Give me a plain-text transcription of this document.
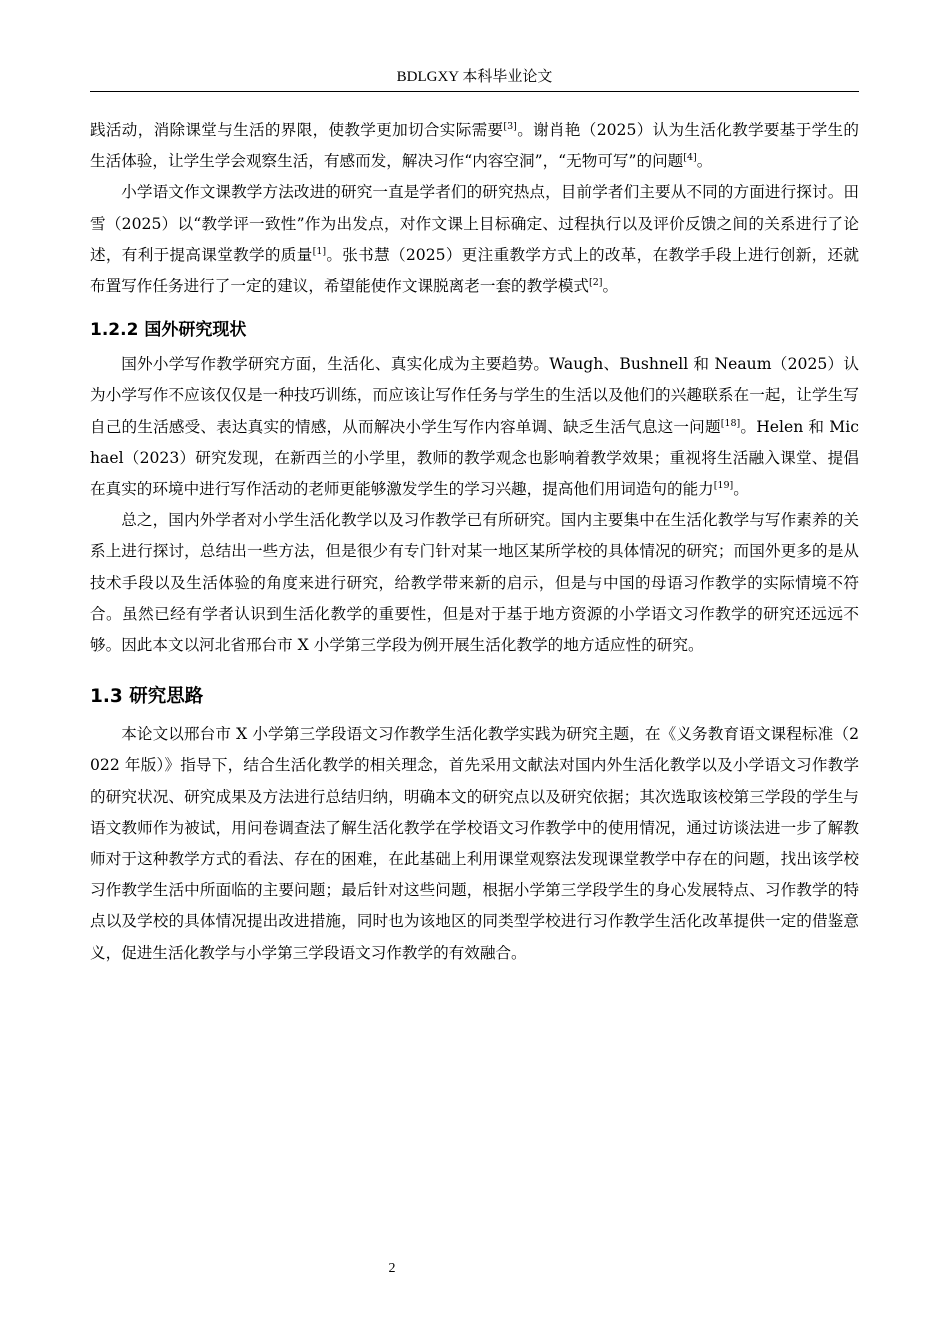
BDLGXY 本科毕业论文

践活动，消除课堂与生活的界限，使教学更加切合实际需要[3]。谢肖艳（2025）认为生活化教学要基于学生的生活体验，让学生学会观察生活，有感而发，解决习作“内容空洞”，“无物可写”的问题[4]。

小学语文作文课教学方法改进的研究一直是学者们的研究热点，目前学者们主要从不同的方面进行探讨。田雪（2025）以“教学评一致性”作为出发点，对作文课上目标确定、过程执行以及评价反馈之间的关系进行了论述，有利于提高课堂教学的质量[1]。张书慧（2025）更注重教学方式上的改革，在教学手段上进行创新，还就布置写作任务进行了一定的建议，希望能使作文课脱离老一套的教学模式[2]。

1.2.2 国外研究现状

国外小学写作教学研究方面，生活化、真实化成为主要趋势。Waugh、Bushnell 和 Neaum（2025）认为小学写作不应该仅仅是一种技巧训练，而应该让写作任务与学生的生活以及他们的兴趣联系在一起，让学生写自己的生活感受、表达真实的情感，从而解决小学生写作内容单调、缺乏生活气息这一问题[18]。Helen 和 Michael（2023）研究发现，在新西兰的小学里，教师的教学观念也影响着教学效果；重视将生活融入课堂、提倡在真实的环境中进行写作活动的老师更能够激发学生的学习兴趣，提高他们用词造句的能力[19]。

总之，国内外学者对小学生活化教学以及习作教学已有所研究。国内主要集中在生活化教学与写作素养的关系上进行探讨，总结出一些方法，但是很少有专门针对某一地区某所学校的具体情况的研究；而国外更多的是从技术手段以及生活体验的角度来进行研究，给教学带来新的启示，但是与中国的母语习作教学的实际情境不符合。虽然已经有学者认识到生活化教学的重要性，但是对于基于地方资源的小学语文习作教学的研究还远远不够。因此本文以河北省邢台市 X 小学第三学段为例开展生活化教学的地方适应性的研究。

1.3 研究思路

本论文以邢台市 X 小学第三学段语文习作教学生活化教学实践为研究主题，在《义务教育语文课程标准（2022 年版）》指导下，结合生活化教学的相关理念，首先采用文献法对国内外生活化教学以及小学语文习作教学的研究状况、研究成果及方法进行总结归纳，明确本文的研究点以及研究依据；其次选取该校第三学段的学生与语文教师作为被试，用问卷调查法了解生活化教学在学校语文习作教学中的使用情况，通过访谈法进一步了解教师对于这种教学方式的看法、存在的困难，在此基础上利用课堂观察法发现课堂教学中存在的问题，找出该学校习作教学生活中所面临的主要问题；最后针对这些问题，根据小学第三学段学生的身心发展特点、习作教学的特点以及学校的具体情况提出改进措施，同时也为该地区的同类型学校进行习作教学生活化改革提供一定的借鉴意义，促进生活化教学与小学第三学段语文习作教学的有效融合。

2
